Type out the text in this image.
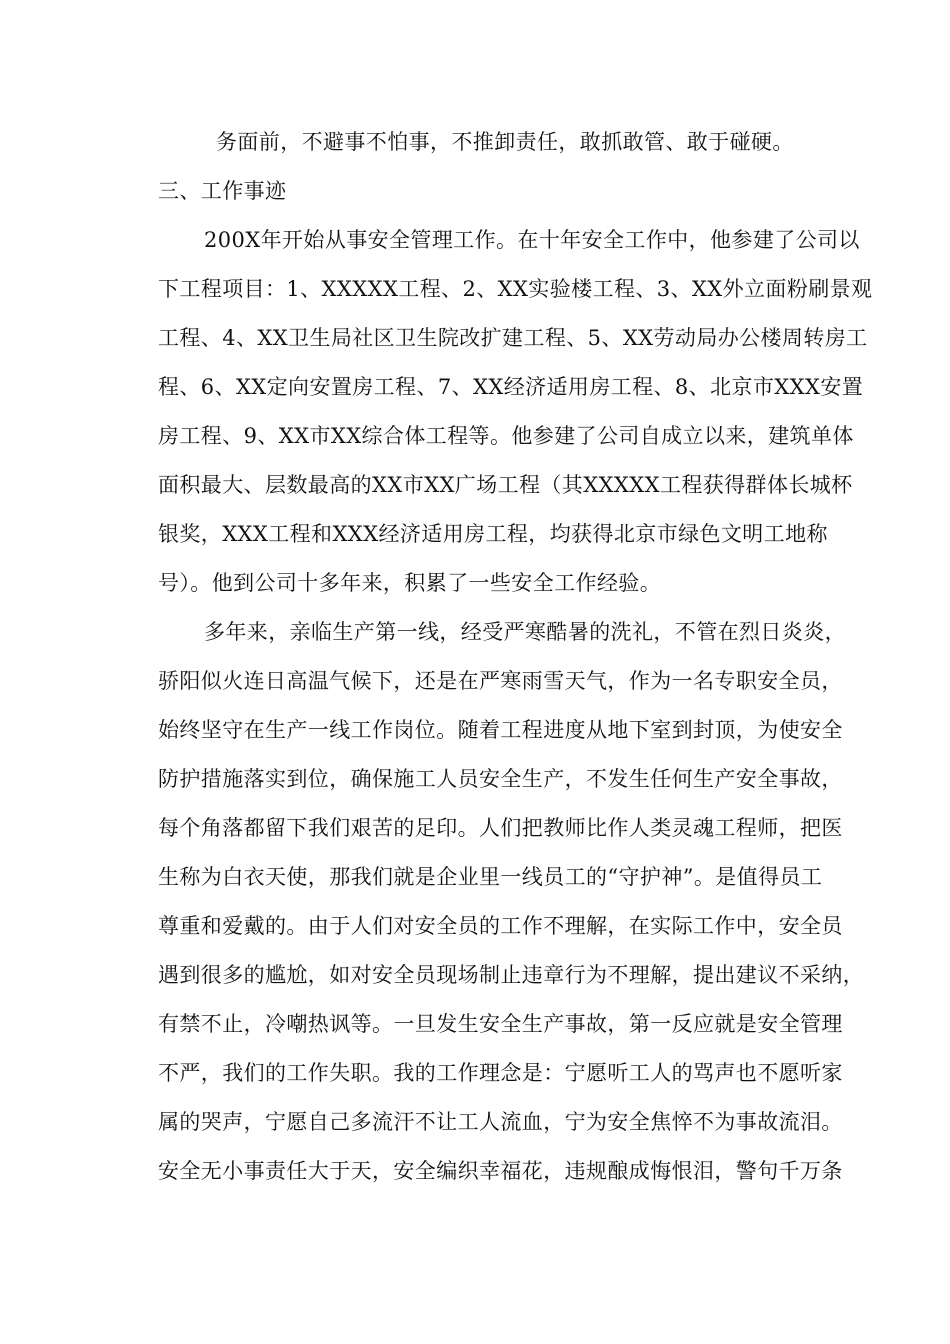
务面前，不避事不怕事，不推卸责任，敢抓敢管、敢于碰硬。
三、工作事迹
200X年开始从事安全管理工作。在十年安全工作中，他参建了公司以
下工程项目：1、XXXXX工程、2、XX实验楼工程、3、XX外立面粉刷景观
工程、4、XX卫生局社区卫生院改扩建工程、5、XX劳动局办公楼周转房工
程、6、XX定向安置房工程、7、XX经济适用房工程、8、北京市XXX安置
房工程、9、XX市XX综合体工程等。他参建了公司自成立以来，建筑单体
面积最大、层数最高的XX市XX广场工程（其XXXXX工程获得群体长城杯
银奖，XXX工程和XXX经济适用房工程，均获得北京市绿色文明工地称
号）。他到公司十多年来，积累了一些安全工作经验。
多年来，亲临生产第一线，经受严寒酷暑的洗礼，不管在烈日炎炎，
骄阳似火连日高温气候下，还是在严寒雨雪天气，作为一名专职安全员，
始终坚守在生产一线工作岗位。随着工程进度从地下室到封顶，为使安全
防护措施落实到位，确保施工人员安全生产，不发生任何生产安全事故，
每个角落都留下我们艰苦的足印。人们把教师比作人类灵魂工程师，把医
生称为白衣天使，那我们就是企业里一线员工的“守护神”。是值得员工
尊重和爱戴的。由于人们对安全员的工作不理解，在实际工作中，安全员
遇到很多的尴尬，如对安全员现场制止违章行为不理解，提出建议不采纳，
有禁不止，冷嘲热讽等。一旦发生安全生产事故，第一反应就是安全管理
不严，我们的工作失职。我的工作理念是：宁愿听工人的骂声也不愿听家
属的哭声，宁愿自己多流汗不让工人流血，宁为安全焦悴不为事故流泪。
安全无小事责任大于天，安全编织幸福花，违规酿成悔恨泪，警句千万条
